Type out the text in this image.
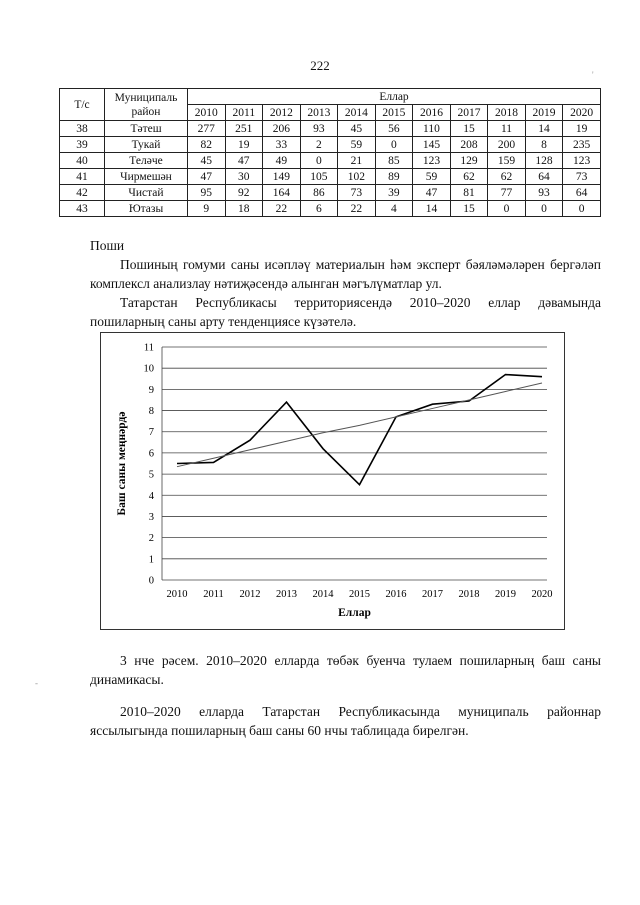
222
Т/с	Муниципаль район	Еллар										
		2010	2011	2012	2013	2014	2015	2016	2017	2018	2019	2020
38	Тәтеш	277	251	206	93	45	56	110	15	11	14	19
39	Тукай	82	19	33	2	59	0	145	208	200	8	235
40	Теләче	45	47	49	0	21	85	123	129	159	128	123
41	Чирмешән	47	30	149	105	102	89	59	62	62	64	73
42	Чистай	95	92	164	86	73	39	47	81	77	93	64
43	Ютазы	9	18	22	6	22	4	14	15	0	0	0

Поши

Пошиның гомуми саны исәплəү материалын һəм эксперт бəяләмәләрен бергәләп комплексл анализлау нәтиҗәсендә алынган мәгълүматлар ул.

Татарстан Республикасы территориясендә 2010–2020 еллар дәвамында пошиларның саны арту тенденциясе күзәтелә.

0
1
2
3
4
5
6
7
8
9
10
11
2010 2011 2012 2013 2014 2015 2016 2017 2018 2019 2020
Еллар
Баш саны меңнәрдә

3 нче рәсем. 2010–2020 елларда төбәк буенча тулаем пошиларның баш саны динамикасы.

2010–2020 елларда Татарстан Республикасында муниципаль районнар яссылыгында пошиларның баш саны 60 нчы таблицада бирелгән.

'
-
